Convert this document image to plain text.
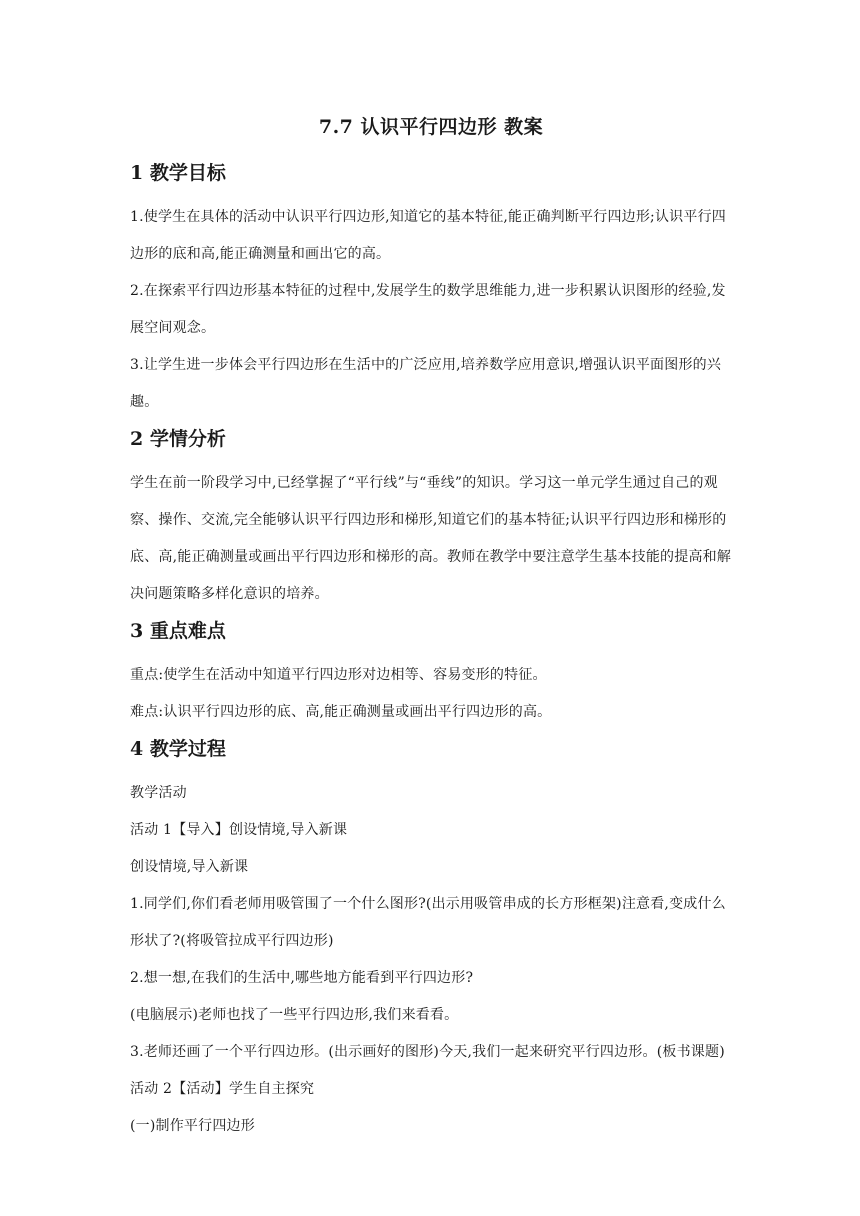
7.7 认识平行四边形 教案
1 教学目标

1.使学生在具体的活动中认识平行四边形,知道它的基本特征,能正确判断平行四边形;认识平行四边形的底和高,能正确测量和画出它的高。

2.在探索平行四边形基本特征的过程中,发展学生的数学思维能力,进一步积累认识图形的经验,发展空间观念。

3.让学生进一步体会平行四边形在生活中的广泛应用,培养数学应用意识,增强认识平面图形的兴趣。

2 学情分析

学生在前一阶段学习中,已经掌握了“平行线”与“垂线”的知识。学习这一单元学生通过自己的观察、操作、交流,完全能够认识平行四边形和梯形,知道它们的基本特征;认识平行四边形和梯形的底、高,能正确测量或画出平行四边形和梯形的高。教师在教学中要注意学生基本技能的提高和解决问题策略多样化意识的培养。

3 重点难点

重点:使学生在活动中知道平行四边形对边相等、容易变形的特征。

难点:认识平行四边形的底、高,能正确测量或画出平行四边形的高。

4 教学过程

教学活动

活动 1【导入】创设情境,导入新课

创设情境,导入新课

1.同学们,你们看老师用吸管围了一个什么图形?(出示用吸管串成的长方形框架)注意看,变成什么形状了?(将吸管拉成平行四边形)

2.想一想,在我们的生活中,哪些地方能看到平行四边形?

(电脑展示)老师也找了一些平行四边形,我们来看看。

3.老师还画了一个平行四边形。(出示画好的图形)今天,我们一起来研究平行四边形。(板书课题)

活动 2【活动】学生自主探究

(一)制作平行四边形
